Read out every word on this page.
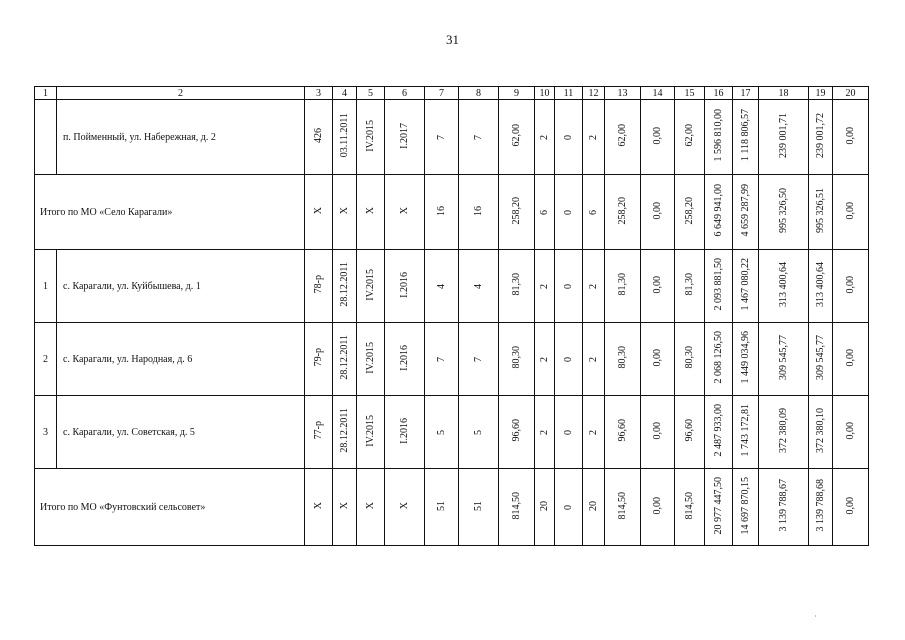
31
1	2	3	4	5	6	7	8	9	10	11	12	13	14	15	16	17	18	19	20
	п. Пойменный, ул. Набережная, д. 2	426	03.11.2011	IV.2015	I.2017	7	7	62,00	2	0	2	62,00	0,00	62,00	1 596 810,00	1 118 806,57	239 001,71	239 001,72	0,00
Итого по МО «Село Карагали»		Х	Х	Х	Х	16	16	258,20	6	0	6	258,20	0,00	258,20	6 649 941,00	4 659 287,99	995 326,50	995 326,51	0,00
1	с. Карагали, ул. Куйбышева, д. 1	78-р	28.12.2011	IV.2015	I.2016	4	4	81,30	2	0	2	81,30	0,00	81,30	2 093 881,50	1 467 080,22	313 400,64	313 400,64	0,00
2	с. Карагали, ул. Народная, д. 6	79-р	28.12.2011	IV.2015	I.2016	7	7	80,30	2	0	2	80,30	0,00	80,30	2 068 126,50	1 449 034,96	309 545,77	309 545,77	0,00
3	с. Карагали, ул. Советская, д. 5	77-р	28.12.2011	IV.2015	I.2016	5	5	96,60	2	0	2	96,60	0,00	96,60	2 487 933,00	1 743 172,81	372 380,09	372 380,10	0,00
Итого по МО «Фунтовский сельсовет»		Х	Х	Х	Х	51	51	814,50	20	0	20	814,50	0,00	814,50	20 977 447,50	14 697 870,15	3 139 788,67	3 139 788,68	0,00
·
